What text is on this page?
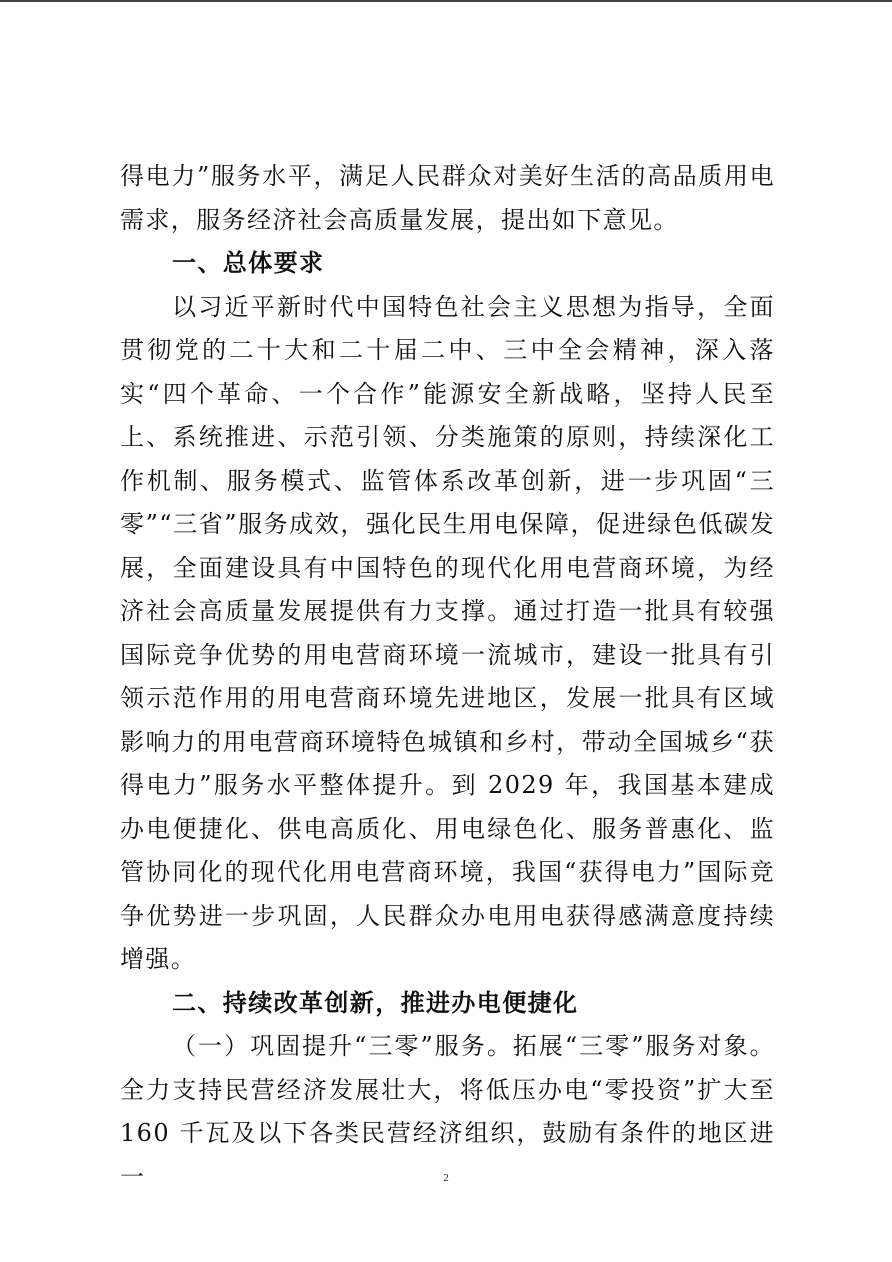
得电力”服务水平，满足人民群众对美好生活的高品质用电需求，服务经济社会高质量发展，提出如下意见。

一、总体要求

以习近平新时代中国特色社会主义思想为指导，全面贯彻党的二十大和二十届二中、三中全会精神，深入落实“四个革命、一个合作”能源安全新战略，坚持人民至上、系统推进、示范引领、分类施策的原则，持续深化工作机制、服务模式、监管体系改革创新，进一步巩固“三零”“三省”服务成效，强化民生用电保障，促进绿色低碳发展，全面建设具有中国特色的现代化用电营商环境，为经济社会高质量发展提供有力支撑。通过打造一批具有较强国际竞争优势的用电营商环境一流城市，建设一批具有引领示范作用的用电营商环境先进地区，发展一批具有区域影响力的用电营商环境特色城镇和乡村，带动全国城乡“获得电力”服务水平整体提升。到 2029 年，我国基本建成办电便捷化、供电高质化、用电绿色化、服务普惠化、监管协同化的现代化用电营商环境，我国“获得电力”国际竞争优势进一步巩固，人民群众办电用电获得感满意度持续增强。

二、持续改革创新，推进办电便捷化

（一）巩固提升“三零”服务。拓展“三零”服务对象。全力支持民营经济发展壮大，将低压办电“零投资”扩大至160 千瓦及以下各类民营经济组织，鼓励有条件的地区进一	2
